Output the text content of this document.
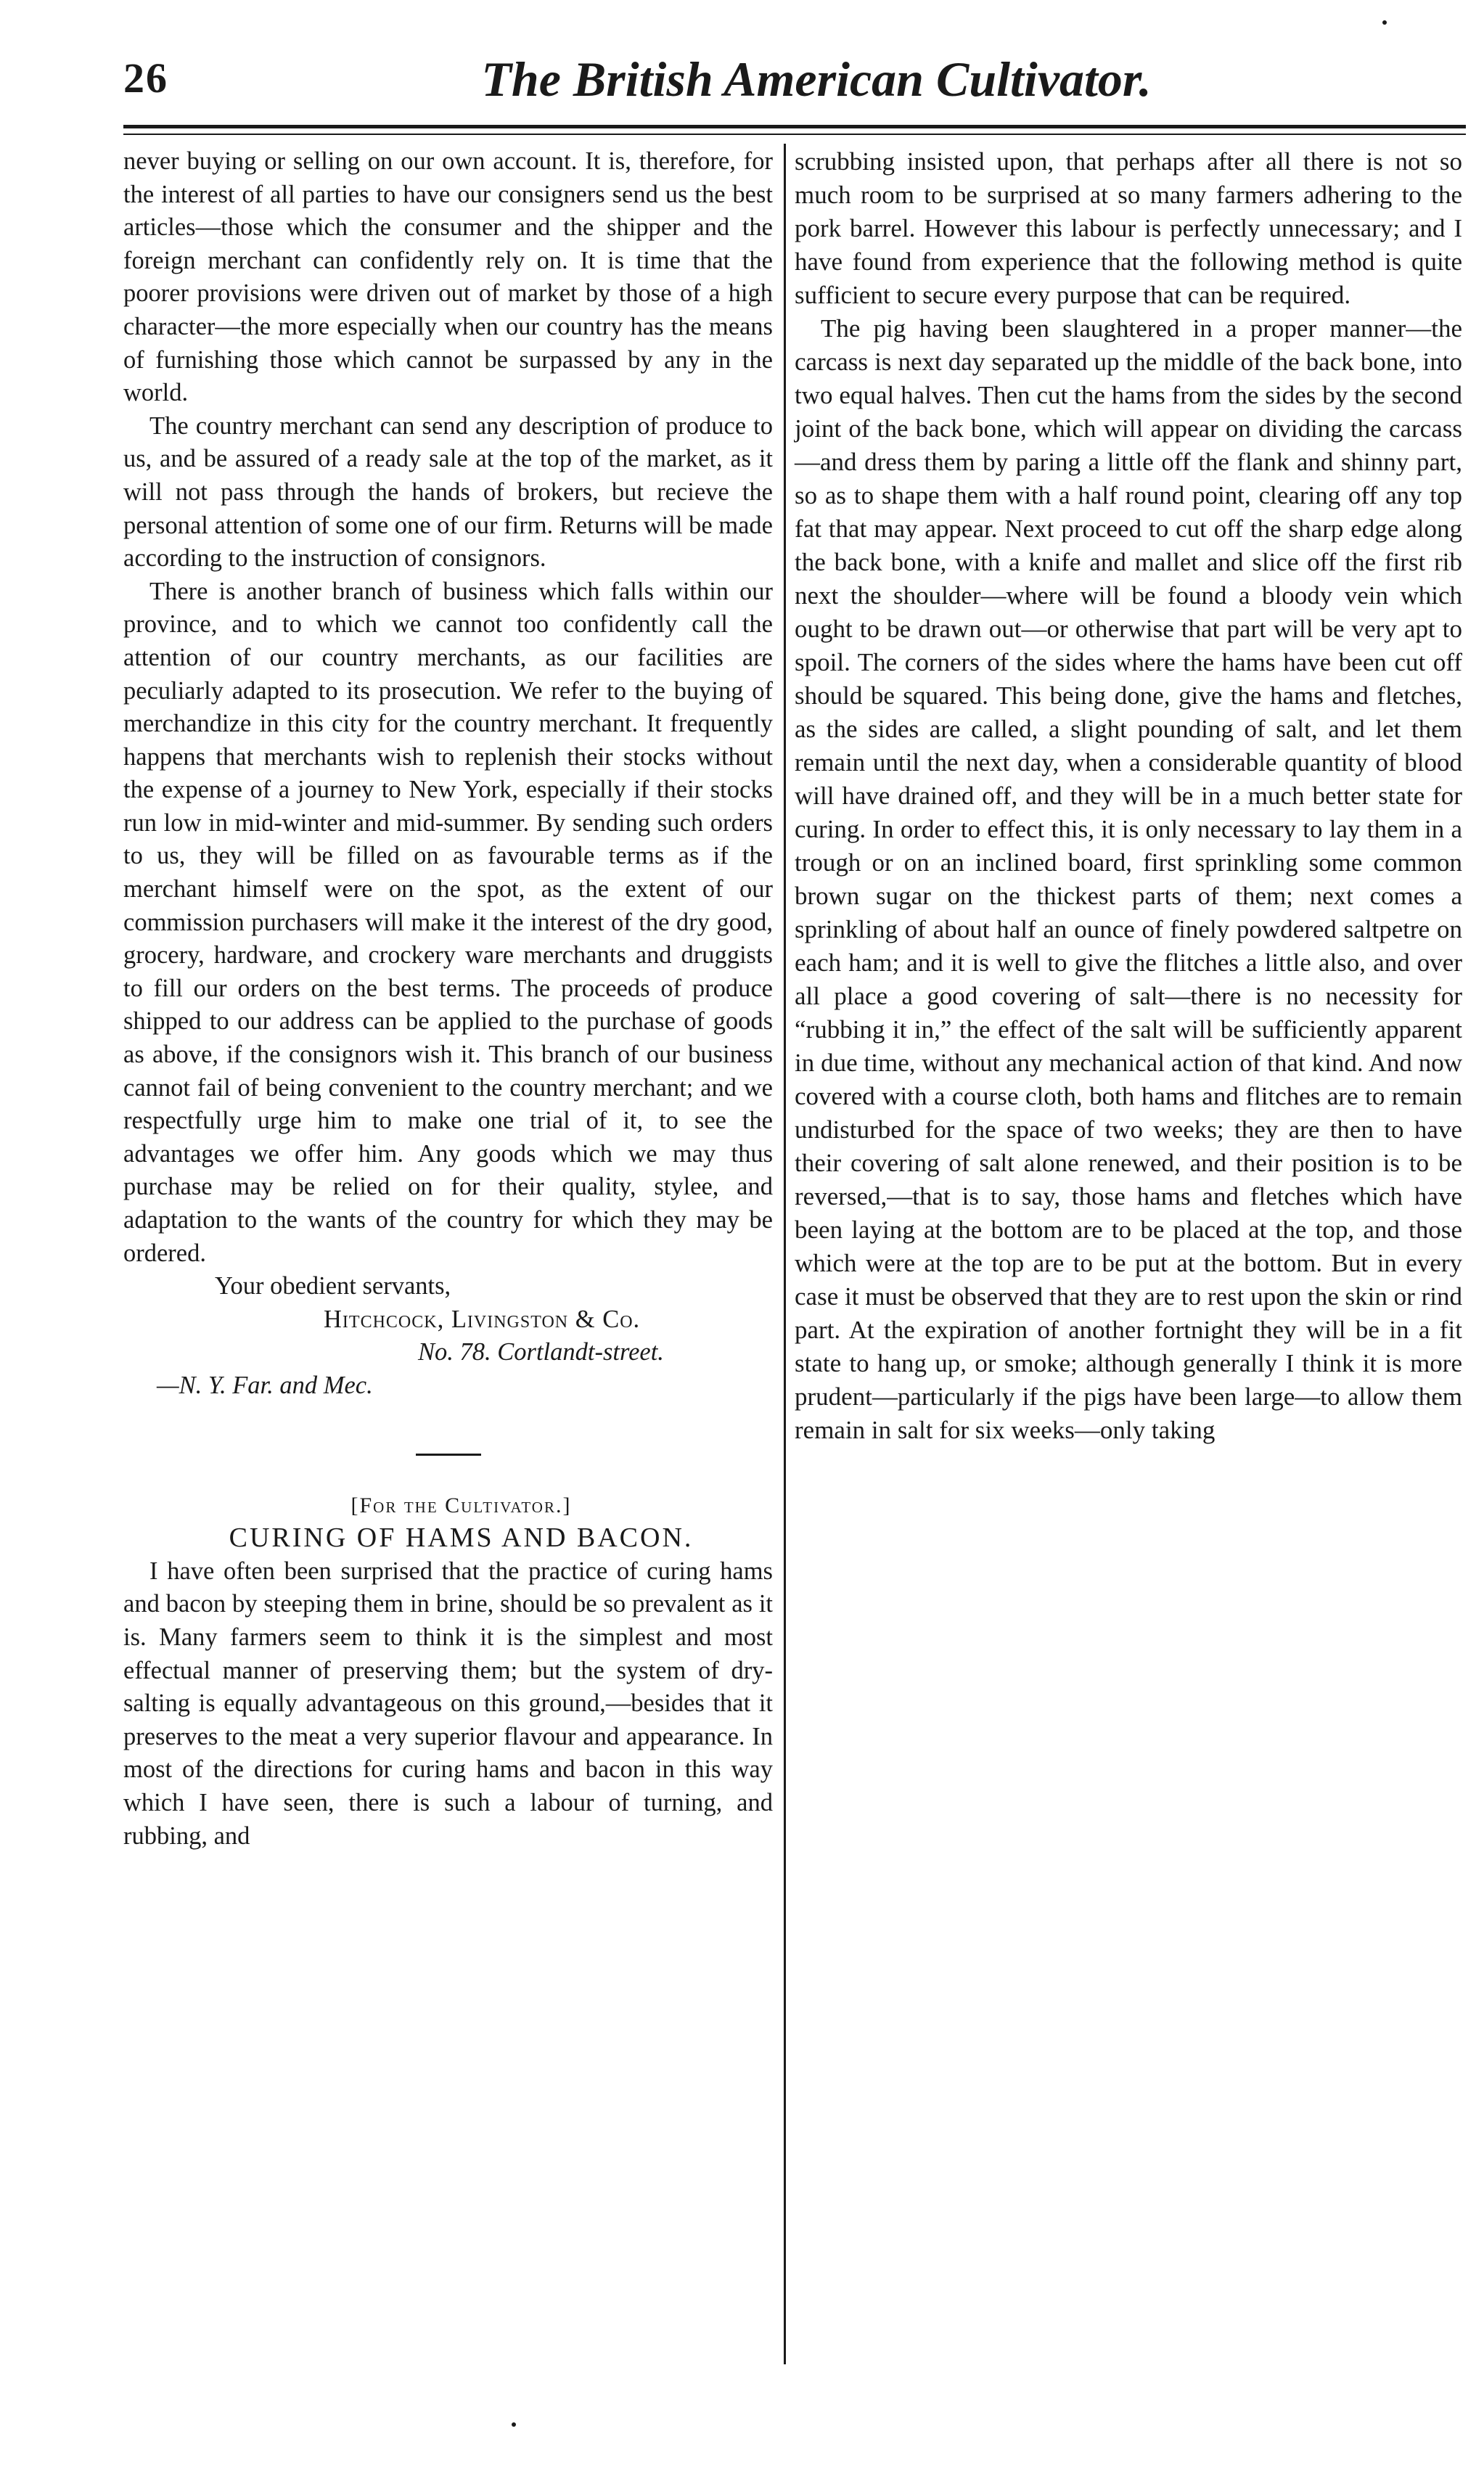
26	The British American Cultivator.

never buying or selling on our own account. It is, therefore, for the interest of all parties to have our consigners send us the best articles—those which the consumer and the shipper and the foreign merchant can confidently rely on. It is time that the poorer provisions were driven out of market by those of a high character—the more especially when our country has the means of furnishing those which cannot be surpassed by any in the world.

The country merchant can send any description of produce to us, and be assured of a ready sale at the top of the market, as it will not pass through the hands of brokers, but recieve the personal attention of some one of our firm. Returns will be made according to the instruction of consignors.

There is another branch of business which falls within our province, and to which we cannot too confidently call the attention of our country merchants, as our facilities are peculiarly adapted to its prosecution. We refer to the buying of merchandize in this city for the country merchant. It frequently happens that merchants wish to replenish their stocks without the expense of a journey to New York, especially if their stocks run low in mid-winter and mid-summer. By sending such orders to us, they will be filled on as favourable terms as if the merchant himself were on the spot, as the extent of our commission purchasers will make it the interest of the dry good, grocery, hardware, and crockery ware merchants and druggists to fill our orders on the best terms. The proceeds of produce shipped to our address can be applied to the purchase of goods as above, if the consignors wish it. This branch of our business cannot fail of being convenient to the country merchant; and we respectfully urge him to make one trial of it, to see the advantages we offer him. Any goods which we may thus purchase may be relied on for their quality, stylee, and adaptation to the wants of the country for which they may be ordered.

Your obedient servants,

Hitchcock, Livingston & Co.

No. 78. Cortlandt-street.

—N. Y. Far. and Mec.

[For the Cultivator.]

CURING OF HAMS AND BACON.

I have often been surprised that the practice of curing hams and bacon by steeping them in brine, should be so prevalent as it is. Many farmers seem to think it is the simplest and most effectual manner of preserving them; but the system of dry-salting is equally advantageous on this ground,—besides that it preserves to the meat a very superior flavour and appearance. In most of the directions for curing hams and bacon in this way which I have seen, there is such a labour of turning, and rubbing, and

scrubbing insisted upon, that perhaps after all there is not so much room to be surprised at so many farmers adhering to the pork barrel. However this labour is perfectly unnecessary; and I have found from experience that the following method is quite sufficient to secure every purpose that can be required.

The pig having been slaughtered in a proper manner—the carcass is next day separated up the middle of the back bone, into two equal halves. Then cut the hams from the sides by the second joint of the back bone, which will appear on dividing the carcass—and dress them by paring a little off the flank and shinny part, so as to shape them with a half round point, clearing off any top fat that may appear. Next proceed to cut off the sharp edge along the back bone, with a knife and mallet and slice off the first rib next the shoulder—where will be found a bloody vein which ought to be drawn out—or otherwise that part will be very apt to spoil. The corners of the sides where the hams have been cut off should be squared. This being done, give the hams and fletches, as the sides are called, a slight pounding of salt, and let them remain until the next day, when a considerable quantity of blood will have drained off, and they will be in a much better state for curing. In order to effect this, it is only necessary to lay them in a trough or on an inclined board, first sprinkling some common brown sugar on the thickest parts of them; next comes a sprinkling of about half an ounce of finely powdered saltpetre on each ham; and it is well to give the flitches a little also, and over all place a good covering of salt—there is no necessity for “rubbing it in,” the effect of the salt will be sufficiently apparent in due time, without any mechanical action of that kind. And now covered with a course cloth, both hams and flitches are to remain undisturbed for the space of two weeks; they are then to have their covering of salt alone renewed, and their position is to be reversed,—that is to say, those hams and fletches which have been laying at the bottom are to be placed at the top, and those which were at the top are to be put at the bottom. But in every case it must be observed that they are to rest upon the skin or rind part. At the expiration of another fortnight they will be in a fit state to hang up, or smoke; although generally I think it is more prudent—particularly if the pigs have been large—to allow them remain in salt for six weeks—only taking
